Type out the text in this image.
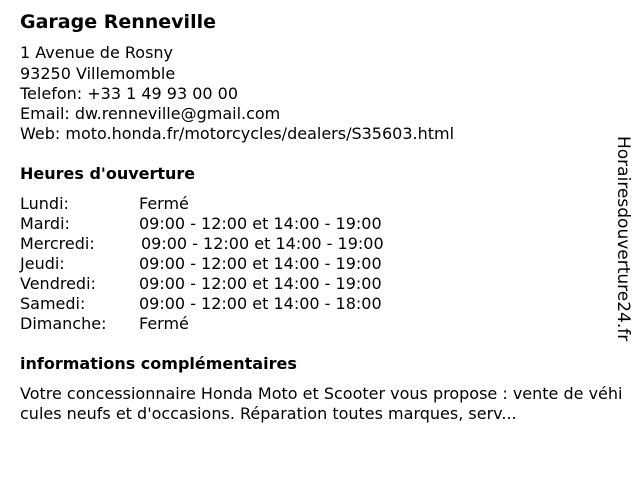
Garage Renneville
1 Avenue de Rosny
93250 Villemomble
Telefon: +33 1 49 93 00 00
Email: dw.renneville@gmail.com
Web: moto.honda.fr/motorcycles/dealers/S35603.html
Heures d'ouverture
Lundi:	Fermé
Mardi:	09:00 - 12:00 et 14:00 - 19:00
Mercredi:	09:00 - 12:00 et 14:00 - 19:00
Jeudi:	09:00 - 12:00 et 14:00 - 19:00
Vendredi:	09:00 - 12:00 et 14:00 - 19:00
Samedi:	09:00 - 12:00 et 14:00 - 18:00
Dimanche: Fermé
informations complémentaires
Votre concessionnaire Honda Moto et Scooter vous propose : vente de véhicules neufs et d'occasions. Réparation toutes marques, serv...
Horairesdouverture24.fr
